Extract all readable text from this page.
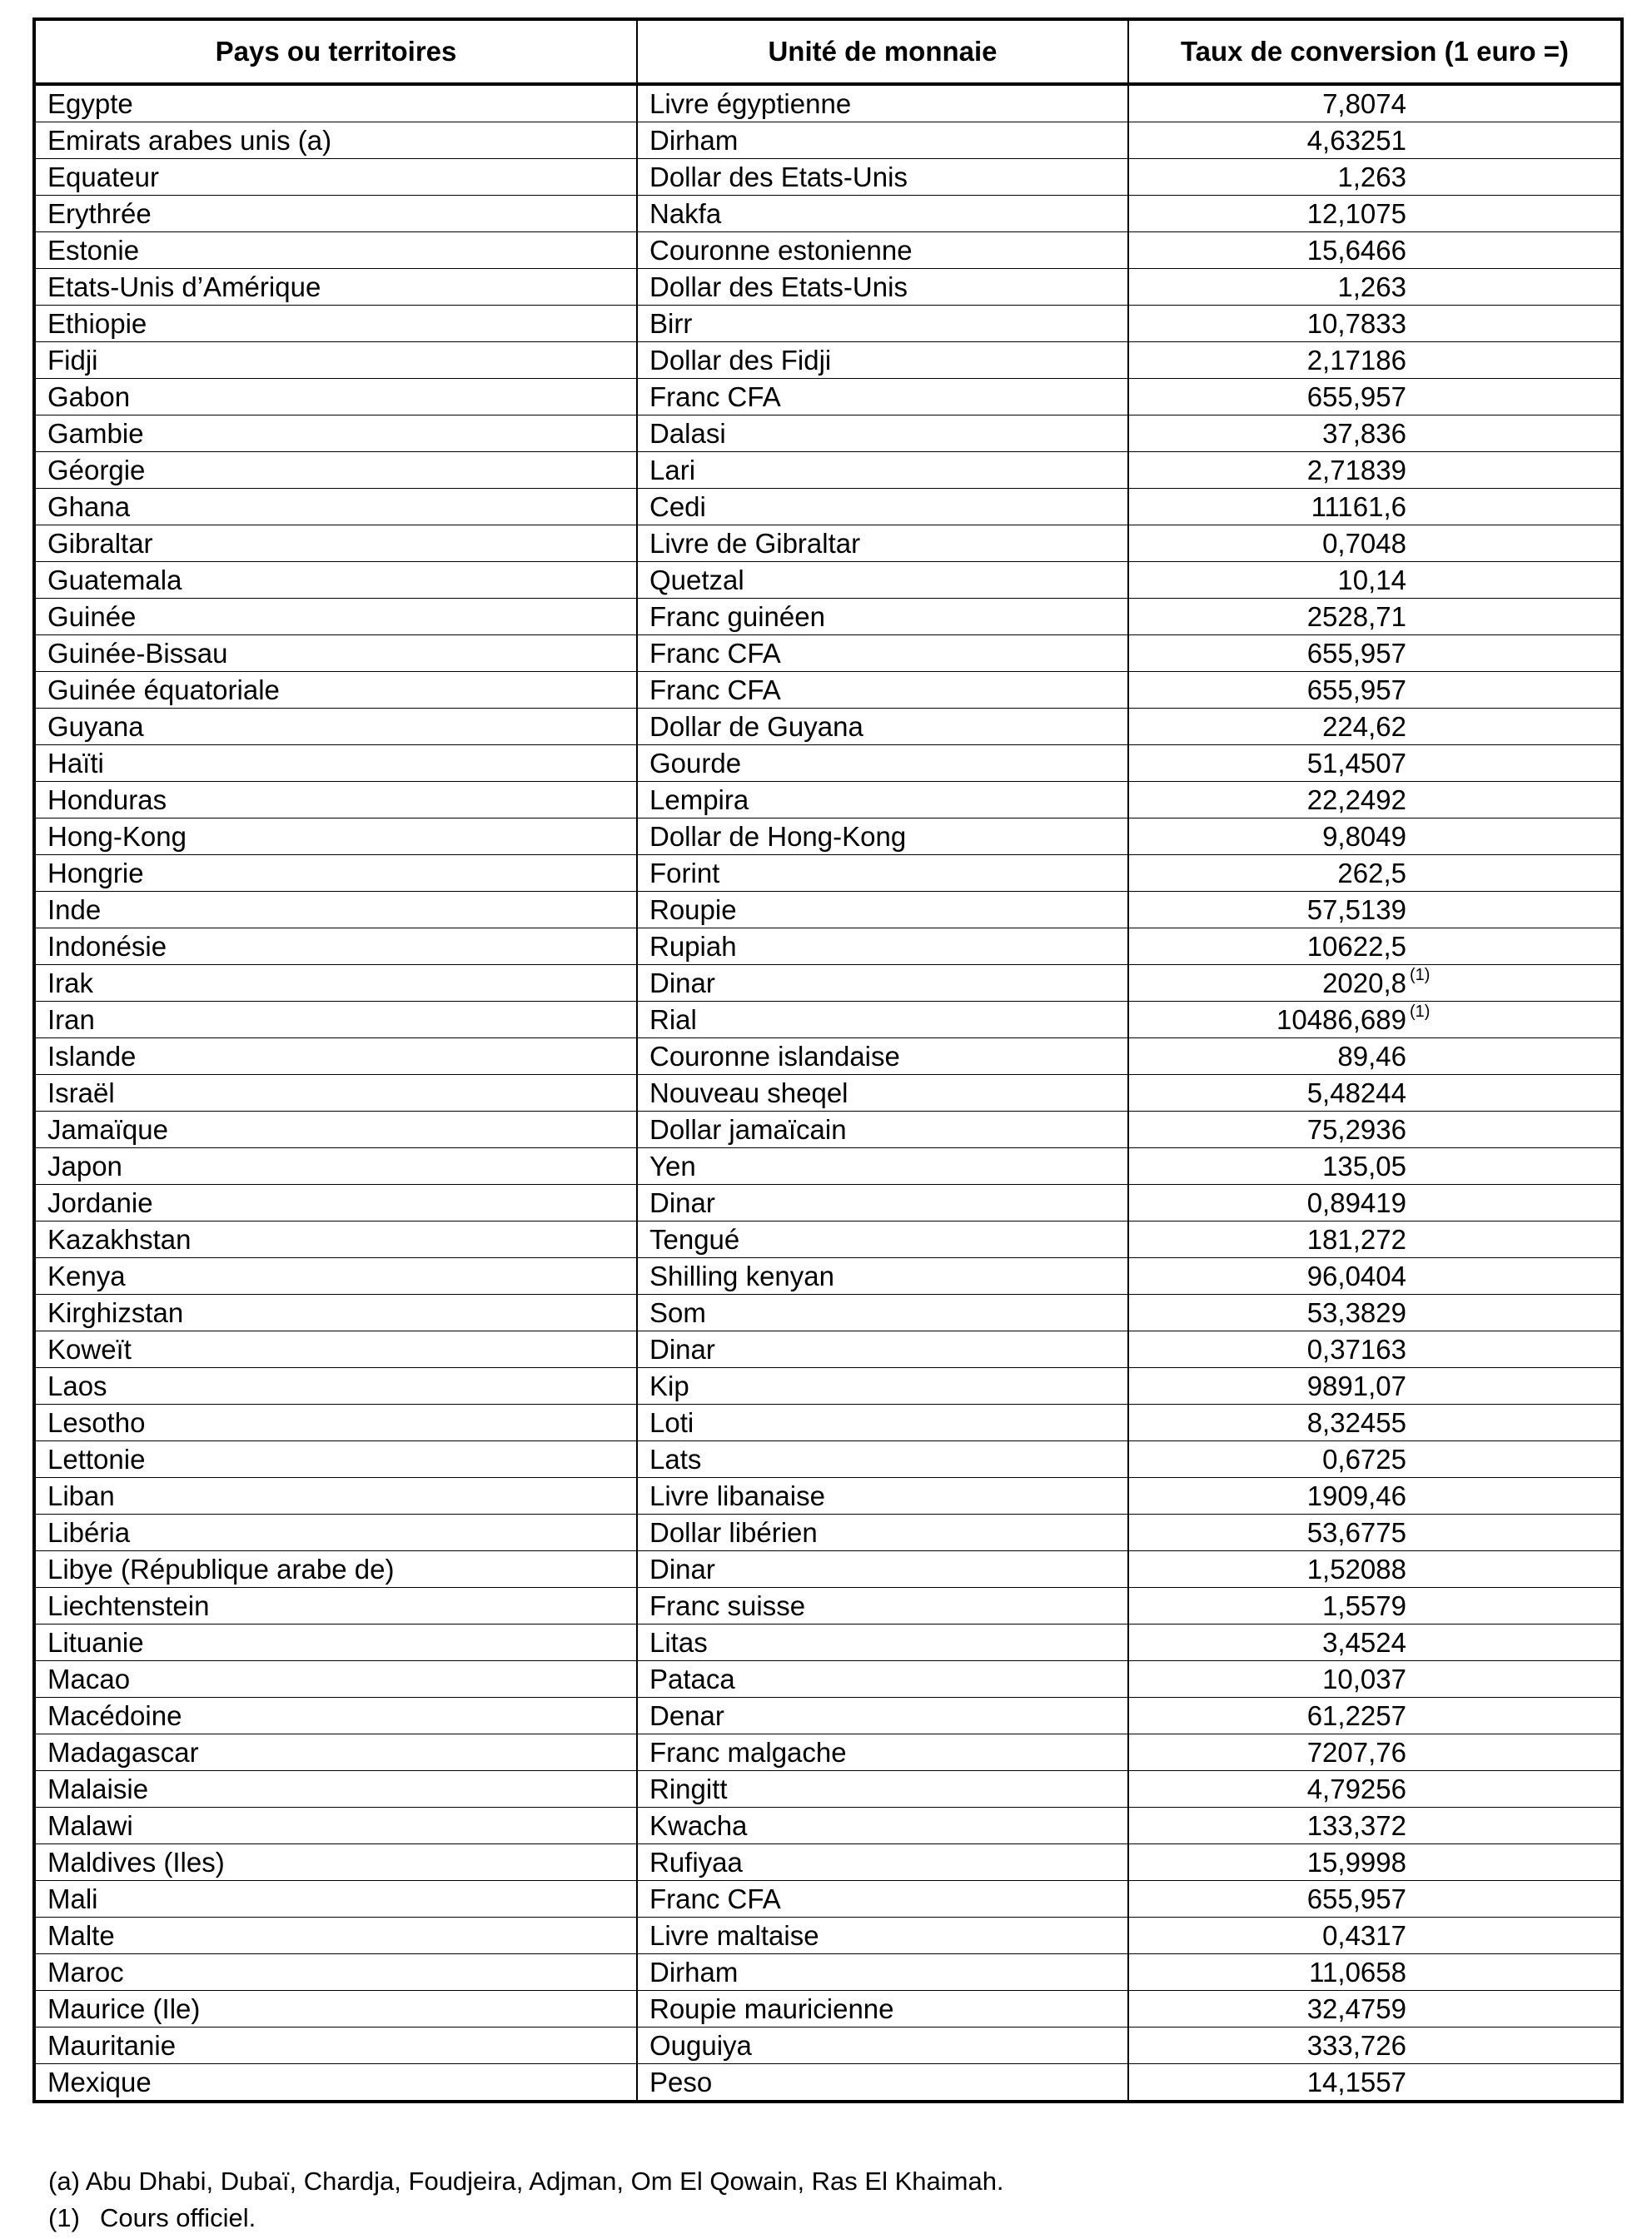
Pays ou territoires	Unité de monnaie	Taux de conversion (1 euro =)
Egypte	Livre égyptienne	7,8074
Emirats arabes unis (a)	Dirham	4,63251
Equateur	Dollar des Etats-Unis	1,263
Erythrée	Nakfa	12,1075
Estonie	Couronne estonienne	15,6466
Etats-Unis d’Amérique	Dollar des Etats-Unis	1,263
Ethiopie	Birr	10,7833
Fidji	Dollar des Fidji	2,17186
Gabon	Franc CFA	655,957
Gambie	Dalasi	37,836
Géorgie	Lari	2,71839
Ghana	Cedi	11161,6
Gibraltar	Livre de Gibraltar	0,7048
Guatemala	Quetzal	10,14
Guinée	Franc guinéen	2528,71
Guinée-Bissau	Franc CFA	655,957
Guinée équatoriale	Franc CFA	655,957
Guyana	Dollar de Guyana	224,62
Haïti	Gourde	51,4507
Honduras	Lempira	22,2492
Hong-Kong	Dollar de Hong-Kong	9,8049
Hongrie	Forint	262,5
Inde	Roupie	57,5139
Indonésie	Rupiah	10622,5
Irak	Dinar	2020,8 (1)

Iran	Rial	10486,689 (1)

Islande	Couronne islandaise	89,46
Israël	Nouveau sheqel	5,48244
Jamaïque	Dollar jamaïcain	75,2936
Japon	Yen	135,05
Jordanie	Dinar	0,89419
Kazakhstan	Tengué	181,272
Kenya	Shilling kenyan	96,0404
Kirghizstan	Som	53,3829
Koweït	Dinar	0,37163
Laos	Kip	9891,07
Lesotho	Loti	8,32455
Lettonie	Lats	0,6725
Liban	Livre libanaise	1909,46
Libéria	Dollar libérien	53,6775
Libye (République arabe de)	Dinar	1,52088
Liechtenstein	Franc suisse	1,5579
Lituanie	Litas	3,4524
Macao	Pataca	10,037
Macédoine	Denar	61,2257
Madagascar	Franc malgache	7207,76
Malaisie	Ringitt	4,79256
Malawi	Kwacha	133,372
Maldives (Iles)	Rufiyaa	15,9998
Mali	Franc CFA	655,957
Malte	Livre maltaise	0,4317
Maroc	Dirham	11,0658
Maurice (Ile)	Roupie mauricienne	32,4759
Mauritanie	Ouguiya	333,726
Mexique	Peso	14,1557
(a) Abu Dhabi, Dubaï, Chardja, Foudjeira, Adjman, Om El Qowain, Ras El Khaimah.
(1) Cours officiel.
